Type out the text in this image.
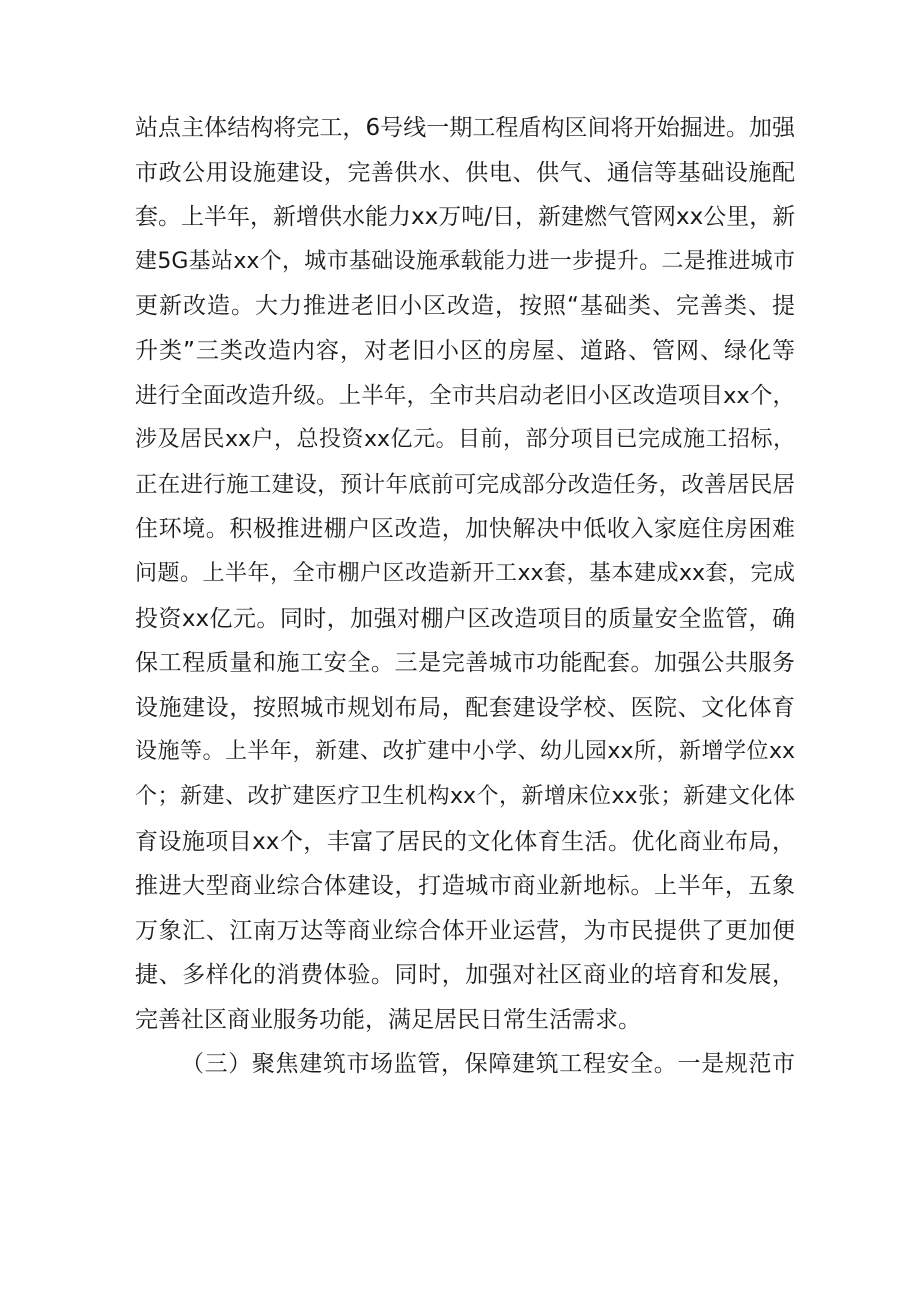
站点主体结构将完工，6号线一期工程盾构区间将开始掘进。加强
市政公用设施建设，完善供水、供电、供气、通信等基础设施配
套。上半年，新增供水能力xx万吨/日，新建燃气管网xx公里，新
建5G基站xx个，城市基础设施承载能力进一步提升。二是推进城市
更新改造。大力推进老旧小区改造，按照“基础类、完善类、提
升类”三类改造内容，对老旧小区的房屋、道路、管网、绿化等
进行全面改造升级。上半年，全市共启动老旧小区改造项目xx个，
涉及居民xx户，总投资xx亿元。目前，部分项目已完成施工招标，
正在进行施工建设，预计年底前可完成部分改造任务，改善居民居
住环境。积极推进棚户区改造，加快解决中低收入家庭住房困难
问题。上半年，全市棚户区改造新开工xx套，基本建成xx套，完成
投资xx亿元。同时，加强对棚户区改造项目的质量安全监管，确
保工程质量和施工安全。三是完善城市功能配套。加强公共服务
设施建设，按照城市规划布局，配套建设学校、医院、文化体育
设施等。上半年，新建、改扩建中小学、幼儿园xx所，新增学位xx
个；新建、改扩建医疗卫生机构xx个，新增床位xx张；新建文化体
育设施项目xx个，丰富了居民的文化体育生活。优化商业布局，
推进大型商业综合体建设，打造城市商业新地标。上半年，五象
万象汇、江南万达等商业综合体开业运营，为市民提供了更加便
捷、多样化的消费体验。同时，加强对社区商业的培育和发展，
完善社区商业服务功能，满足居民日常生活需求。
（三）聚焦建筑市场监管，保障建筑工程安全。一是规范市
